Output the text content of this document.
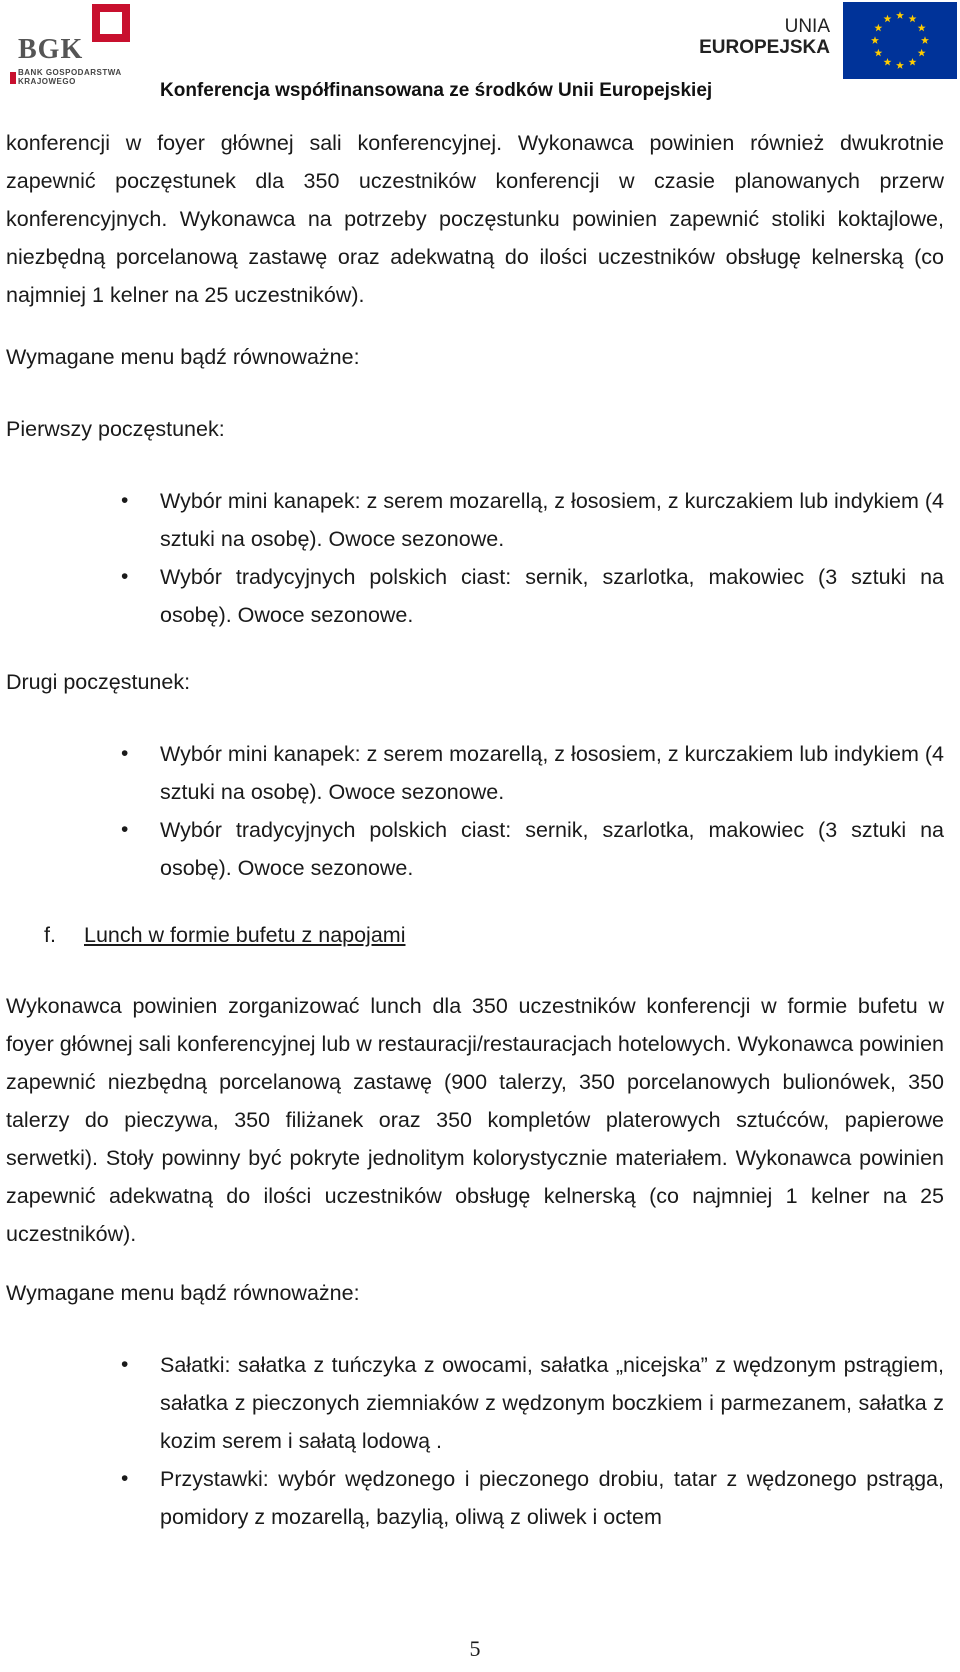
BGK
BANK GOSPODARSTWA
KRAJOWEGO
UNIA
EUROPEJSKA
Konferencja współfinansowana ze środków Unii Europejskiej
konferencji w foyer głównej sali konferencyjnej. Wykonawca powinien również dwukrotnie zapewnić poczęstunek dla 350 uczestników konferencji w czasie planowanych przerw konferencyjnych. Wykonawca na potrzeby poczęstunku powinien zapewnić stoliki koktajlowe, niezbędną porcelanową zastawę oraz adekwatną do ilości uczestników obsługę kelnerską (co najmniej 1 kelner na 25 uczestników).
Wymagane menu bądź równoważne:
Pierwszy poczęstunek:
• Wybór mini kanapek: z serem mozarellą, z łososiem, z kurczakiem lub indykiem (4 sztuki na osobę). Owoce sezonowe.
• Wybór tradycyjnych polskich ciast: sernik, szarlotka, makowiec (3 sztuki na osobę). Owoce sezonowe.
Drugi poczęstunek:
• Wybór mini kanapek: z serem mozarellą, z łososiem, z kurczakiem lub indykiem (4 sztuki na osobę). Owoce sezonowe.
• Wybór tradycyjnych polskich ciast: sernik, szarlotka, makowiec (3 sztuki na osobę). Owoce sezonowe.
f. Lunch w formie bufetu z napojami
Wykonawca powinien zorganizować lunch dla 350 uczestników konferencji w formie bufetu w foyer głównej sali konferencyjnej lub w restauracji/restauracjach hotelowych. Wykonawca powinien zapewnić niezbędną porcelanową zastawę (900 talerzy, 350 porcelanowych bulionówek, 350 talerzy do pieczywa, 350 filiżanek oraz 350 kompletów platerowych sztućców, papierowe serwetki). Stoły powinny być pokryte jednolitym kolorystycznie materiałem. Wykonawca powinien zapewnić adekwatną do ilości uczestników obsługę kelnerską (co najmniej 1 kelner na 25 uczestników).
Wymagane menu bądź równoważne:
• Sałatki: sałatka z tuńczyka z owocami, sałatka „nicejska” z wędzonym pstrągiem, sałatka z pieczonych ziemniaków z wędzonym boczkiem i parmezanem, sałatka z kozim serem i sałatą lodową .
• Przystawki: wybór wędzonego i pieczonego drobiu, tatar z wędzonego pstrąga, pomidory z mozarellą, bazylią, oliwą z oliwek i octem
5
